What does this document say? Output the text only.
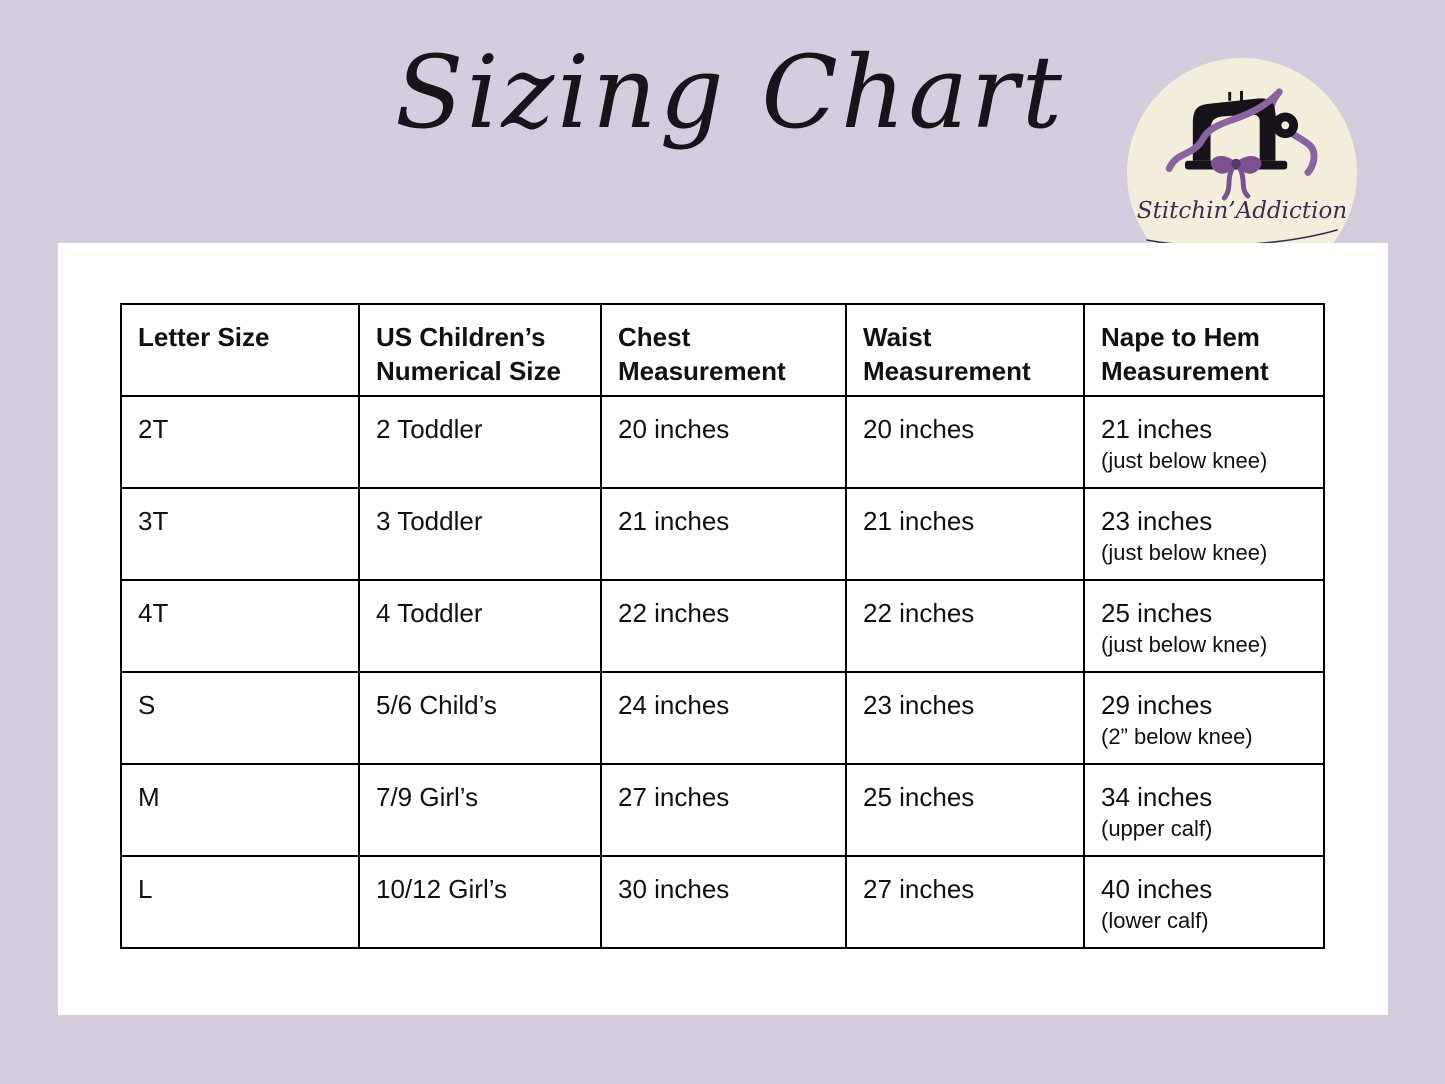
Sizing Chart
Stitchin’Addiction
Letter Size	US Children’s Numerical Size	Chest Measurement	Waist Measurement	Nape to Hem Measurement
2T	2 Toddler	20 inches	20 inches	21 inches
(just below knee)

3T	3 Toddler	21 inches	21 inches	23 inches
(just below knee)

4T	4 Toddler	22 inches	22 inches	25 inches
(just below knee)

S	5/6 Child’s	24 inches	23 inches	29 inches
(2” below knee)

M	7/9 Girl’s	27 inches	25 inches	34 inches
(upper calf)

L	10/12 Girl’s	30 inches	27 inches	40 inches
(lower calf)
